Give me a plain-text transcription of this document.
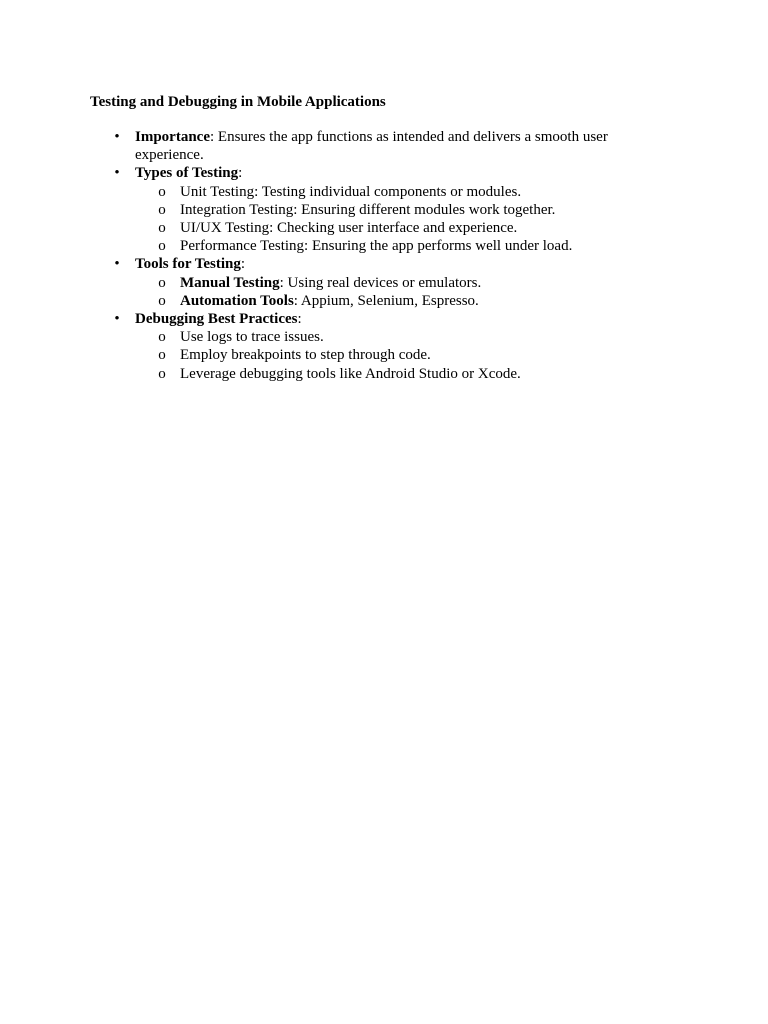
Testing and Debugging in Mobile Applications
• Importance: Ensures the app functions as intended and delivers a smooth user experience.
• Types of Testing:
o Unit Testing: Testing individual components or modules.
o Integration Testing: Ensuring different modules work together.
o UI/UX Testing: Checking user interface and experience.
o Performance Testing: Ensuring the app performs well under load.
• Tools for Testing:
o Manual Testing: Using real devices or emulators.
o Automation Tools: Appium, Selenium, Espresso.
• Debugging Best Practices:
o Use logs to trace issues.
o Employ breakpoints to step through code.
o Leverage debugging tools like Android Studio or Xcode.
